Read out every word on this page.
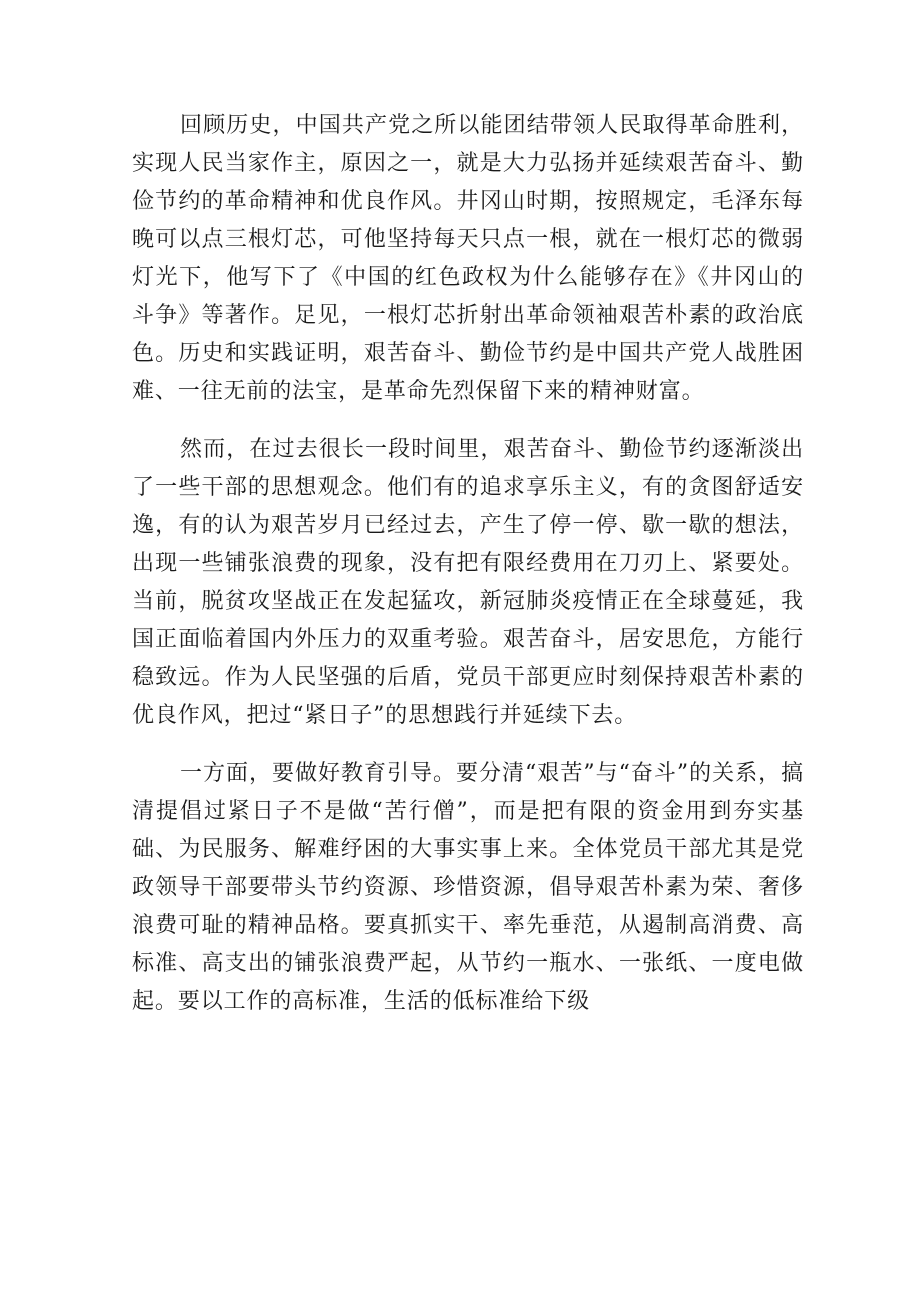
回顾历史，中国共产党之所以能团结带领人民取得革命胜利，实现人民当家作主，原因之一，就是大力弘扬并延续艰苦奋斗、勤俭节约的革命精神和优良作风。井冈山时期，按照规定，毛泽东每晚可以点三根灯芯，可他坚持每天只点一根，就在一根灯芯的微弱灯光下，他写下了《中国的红色政权为什么能够存在》《井冈山的斗争》等著作。足见，一根灯芯折射出革命领袖艰苦朴素的政治底色。历史和实践证明，艰苦奋斗、勤俭节约是中国共产党人战胜困难、一往无前的法宝，是革命先烈保留下来的精神财富。

然而，在过去很长一段时间里，艰苦奋斗、勤俭节约逐渐淡出了一些干部的思想观念。他们有的追求享乐主义，有的贪图舒适安逸，有的认为艰苦岁月已经过去，产生了停一停、歇一歇的想法，出现一些铺张浪费的现象，没有把有限经费用在刀刃上、紧要处。当前，脱贫攻坚战正在发起猛攻，新冠肺炎疫情正在全球蔓延，我国正面临着国内外压力的双重考验。艰苦奋斗，居安思危，方能行稳致远。作为人民坚强的后盾，党员干部更应时刻保持艰苦朴素的优良作风，把过“紧日子”的思想践行并延续下去。

一方面，要做好教育引导。要分清“艰苦”与“奋斗”的关系，搞清提倡过紧日子不是做“苦行僧”，而是把有限的资金用到夯实基础、为民服务、解难纾困的大事实事上来。全体党员干部尤其是党政领导干部要带头节约资源、珍惜资源，倡导艰苦朴素为荣、奢侈浪费可耻的精神品格。要真抓实干、率先垂范，从遏制高消费、高标准、高支出的铺张浪费严起，从节约一瓶水、一张纸、一度电做起。要以工作的高标准，生活的低标准给下级
